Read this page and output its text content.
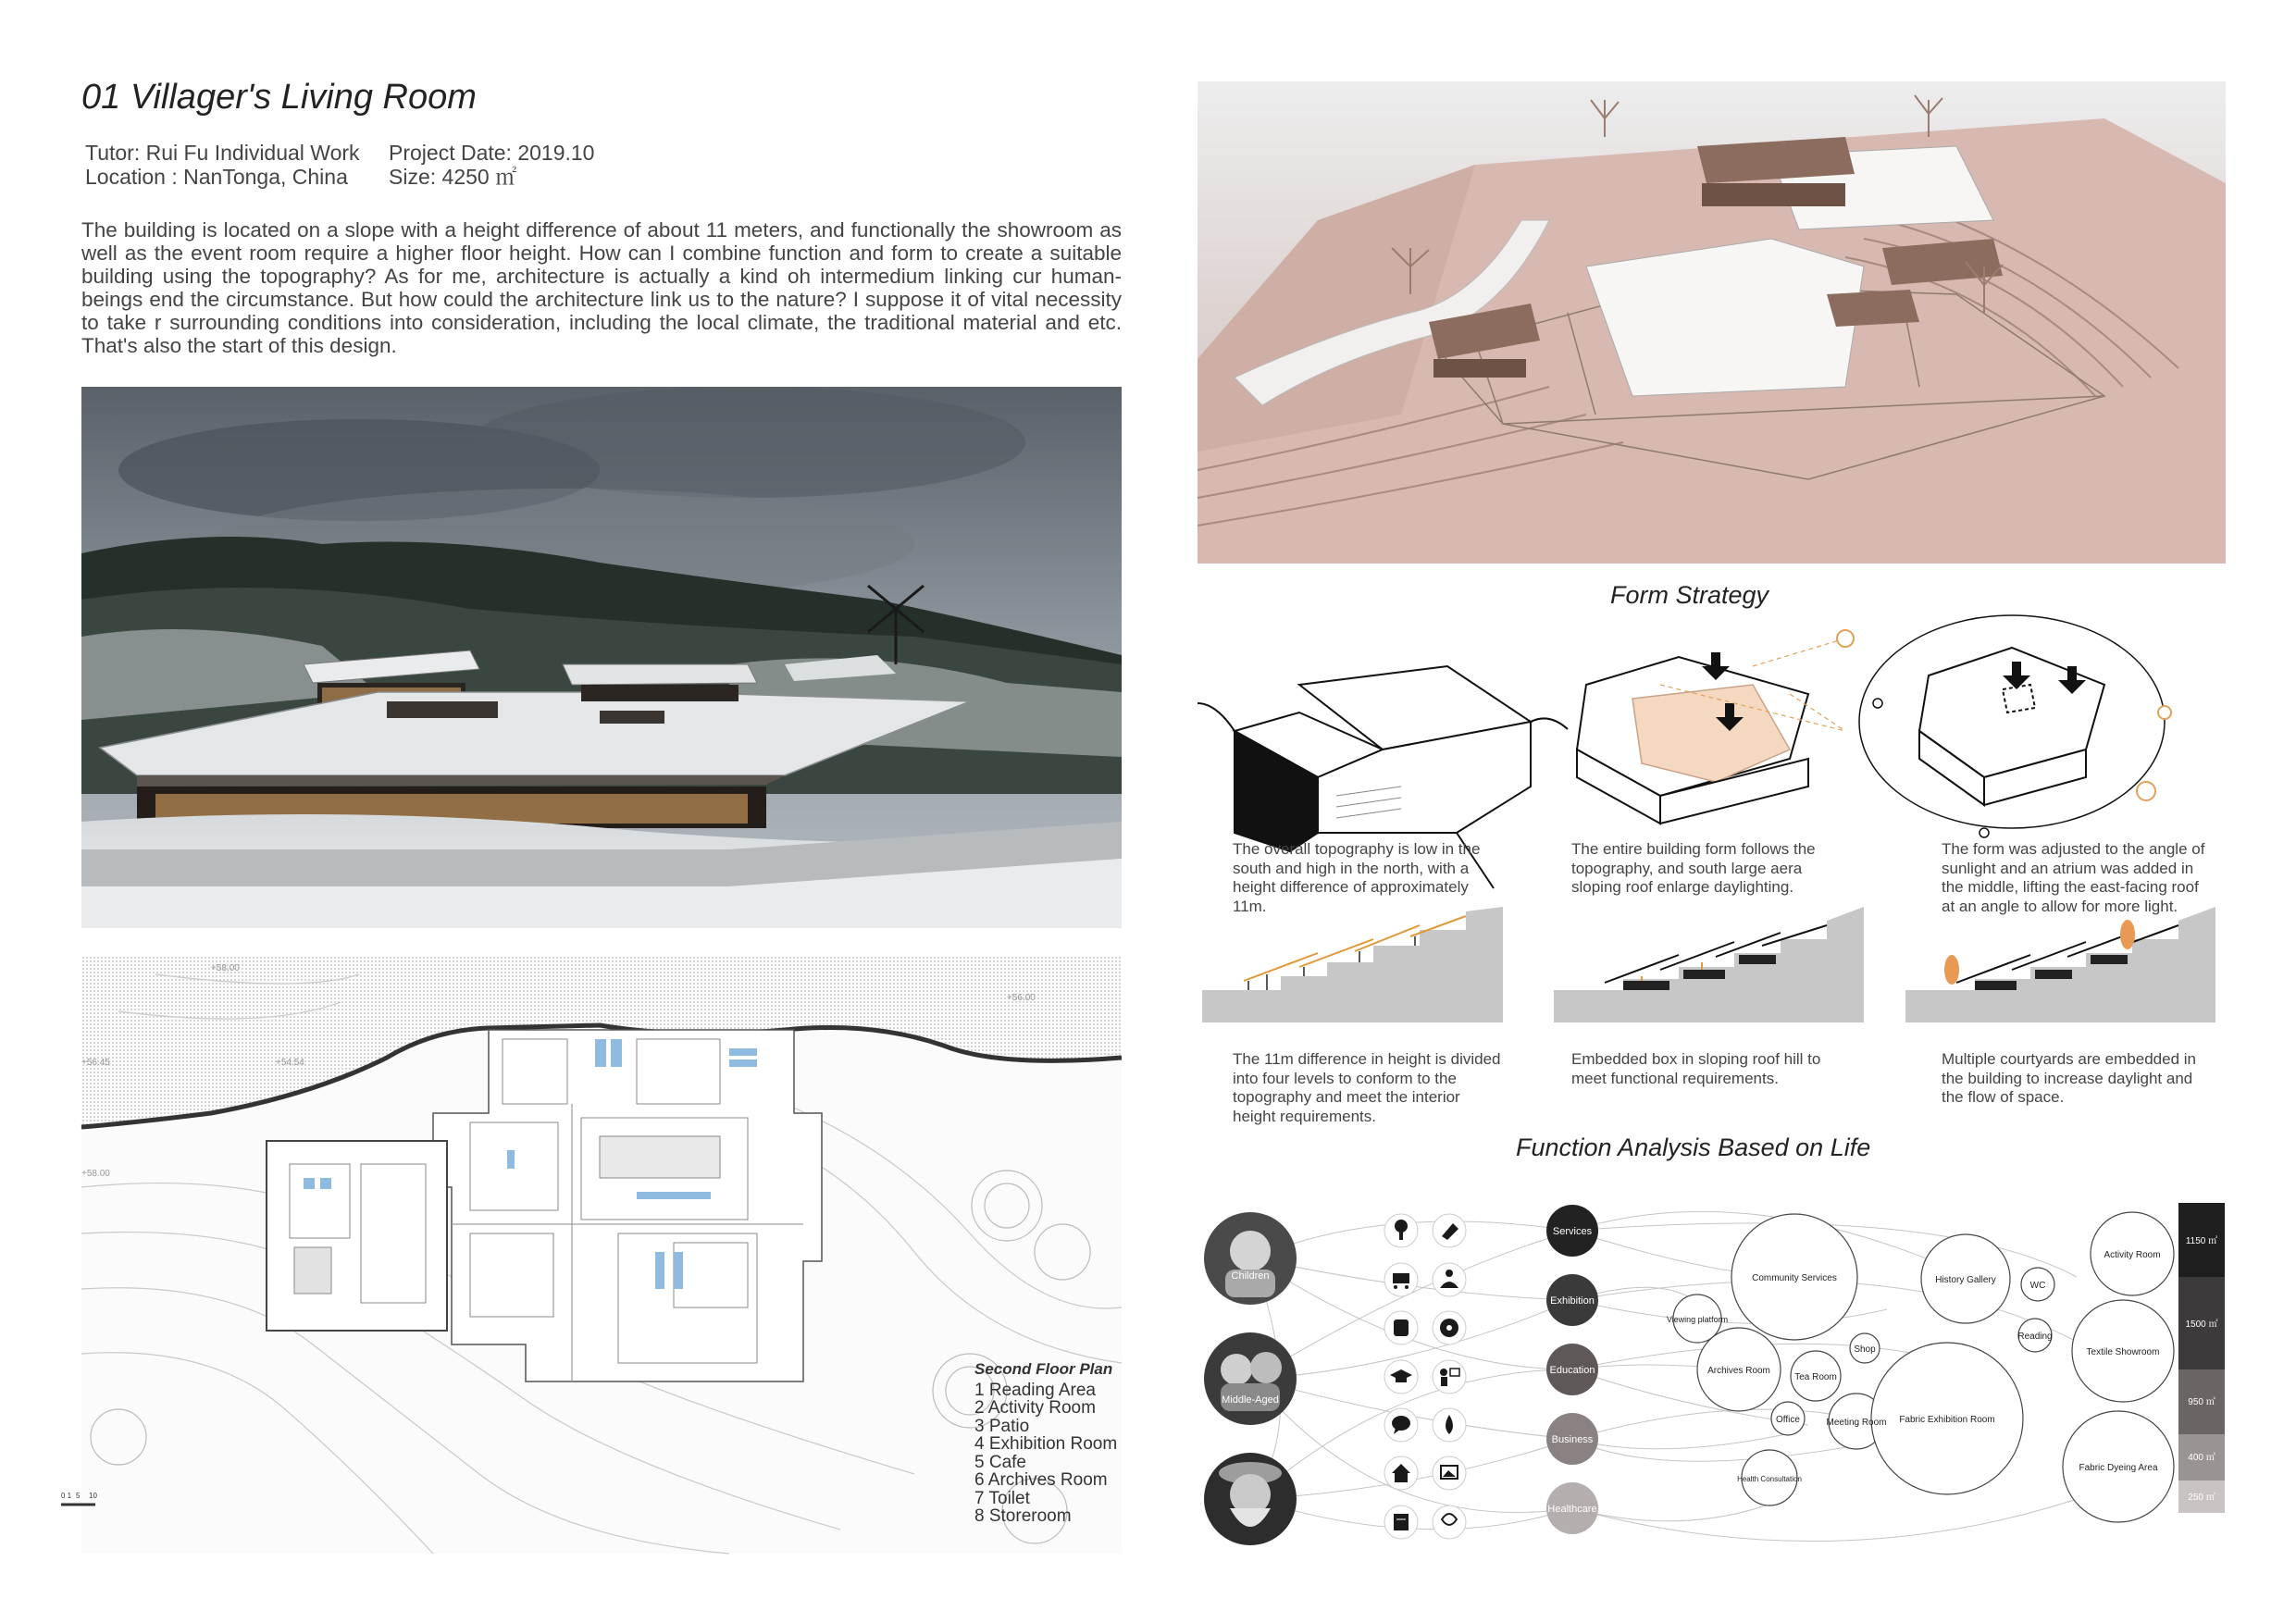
01 Villager's Living Room
Tutor: Rui Fu Individual Work Project Date: 2019.10
Location : NanTonga, China Size: 4250 ㎡
The building is located on a slope with a height difference of about 11 meters, and functionally the showroom as well as the event room require a higher floor height. How can I combine function and form to create a suitable building using the topography? As for me, architecture is actually a kind oh intermedium linking cur human-beings end the circumstance. But how could the architecture link us to the nature? I suppose it of vital necessity to take r surrounding conditions into consideration, including the local climate, the traditional material and etc. That's also the start of this design.
+58.00
+56.00
+56.45	+54.54
+58.00
0 1 5 10
Second Floor Plan
1 Reading Area
2 Activity Room
3 Patio
4 Exhibition Room
5 Cafe
6 Archives Room
7 Toilet
8 Storeroom
Form Strategy
The overall topography is low in the south and high in the north, with a height difference of approximately 11m.
The entire building form follows the topography, and south large aera sloping roof enlarge daylighting.
The form was adjusted to the angle of sunlight and an atrium was added in the middle, lifting the east-facing roof at an angle to allow for more light.
The 11m difference in height is divided into four levels to conform to the topography and meet the interior height requirements.
Embedded box in sloping roof hill to meet functional requirements.
Multiple courtyards are embedded in the building to increase daylight and the flow of space.
Function Analysis Based on Life
Children
Middle-Aged
Services
Exhibition
Education
Business
Healthcare
Community Services	History Gallery
WC
Activity Room
Viewing platform
Reading
Shop	Textile Showroom
Archives Room
Tea Room
Office	Meeting Room Fabric Exhibition Room
Health Consultation
Fabric Dyeing Area
1150 ㎡
1500 ㎡
950 ㎡
400 ㎡
250 ㎡
